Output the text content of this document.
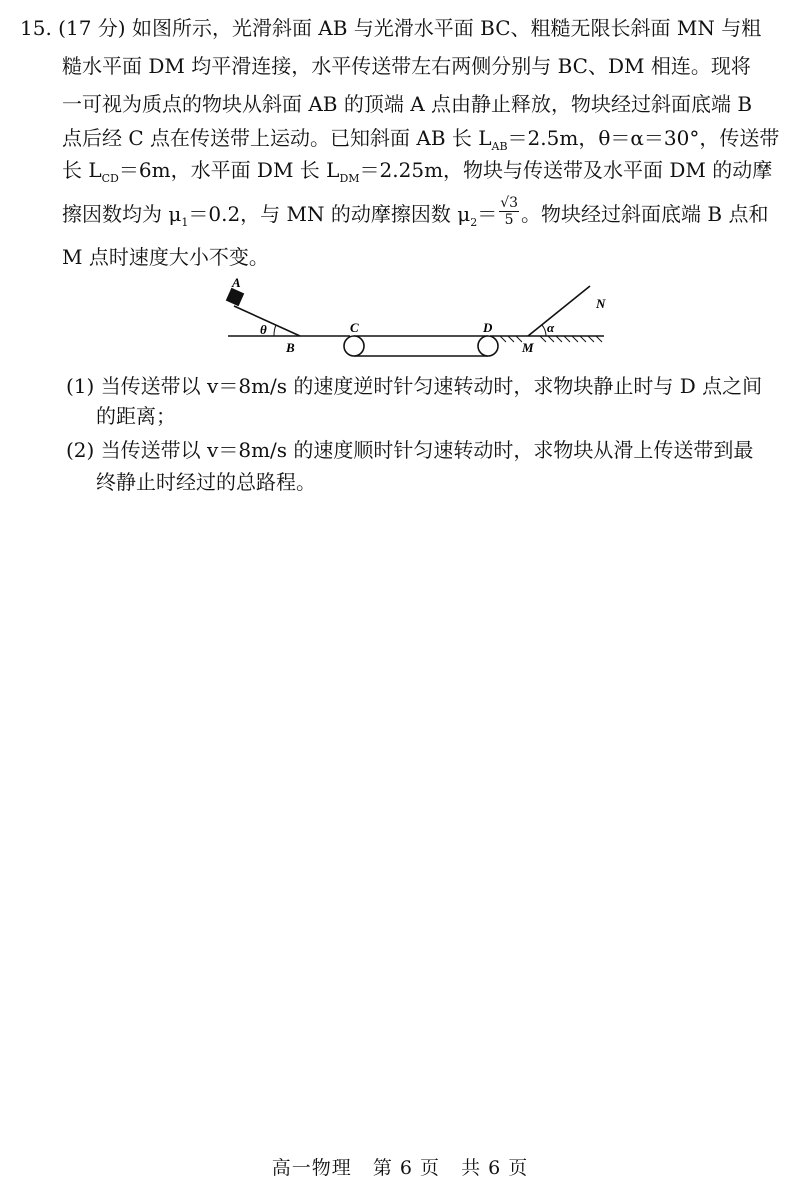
15. (17 分) 如图所示，光滑斜面 AB 与光滑水平面 BC、粗糙无限长斜面 MN 与粗
糙水平面 DM 均平滑连接，水平传送带左右两侧分别与 BC、DM 相连。现将
一可视为质点的物块从斜面 AB 的顶端 A 点由静止释放，物块经过斜面底端 B
点后经 C 点在传送带上运动。已知斜面 AB 长 $L_{AB}=2.5m$，θ＝α＝30°，传送带
长 $L_{CD}=6m$，水平面 DM 长 $L_{DM}=2.25m$，物块与传送带及水平面 DM 的动摩
擦因数均为 $\mu_1=0.2$，与 MN 的动摩擦因数 $\mu_2= \frac{√3}{5}$ 。物块经过斜面底端 B 点和
M 点时速度大小不变。
A
θ
B
C	D
M
α
N
(1) 当传送带以 v＝8m/s 的速度逆时针匀速转动时，求物块静止时与 D 点之间
的距离；
(2) 当传送带以 v＝8m/s 的速度顺时针匀速转动时，求物块从滑上传送带到最
终静止时经过的总路程。
高一物理 第 6 页 共 6 页
